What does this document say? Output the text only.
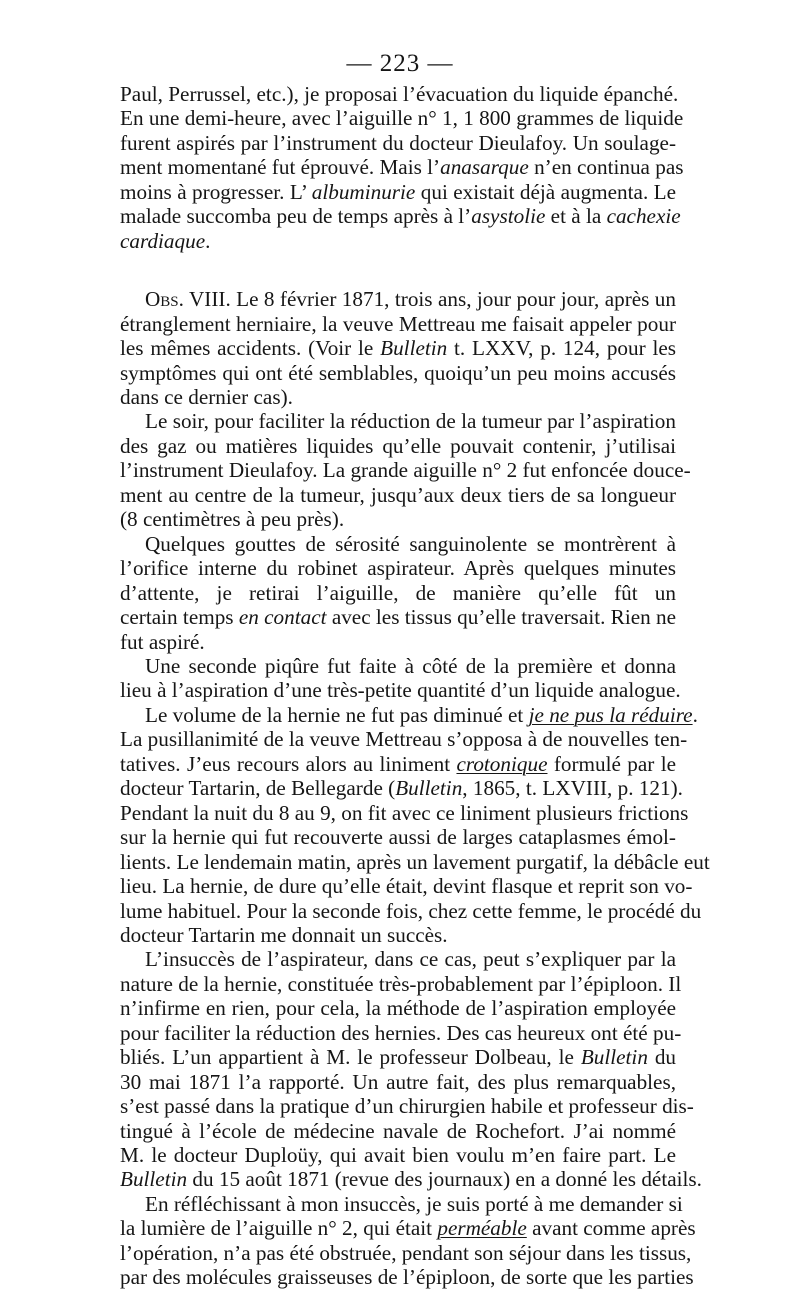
— 223 —
Paul, Perrussel, etc.), je proposai l’évacuation du liquide épanché.
En une demi-heure, avec l’aiguille n° 1, 1 800 grammes de liquide
furent aspirés par l’instrument du docteur Dieulafoy. Un soulage-
ment momentané fut éprouvé. Mais l’anasarque n’en continua pas
moins à progresser. L’ albuminurie qui existait déjà augmenta. Le
malade succomba peu de temps après à l’asystolie et à la cachexie
cardiaque.
Obs. VIII. Le 8 février 1871, trois ans, jour pour jour, après un
étranglement herniaire, la veuve Mettreau me faisait appeler pour
les mêmes accidents. (Voir le Bulletin t. LXXV, p. 124, pour les
symptômes qui ont été semblables, quoiqu’un peu moins accusés
dans ce dernier cas).
Le soir, pour faciliter la réduction de la tumeur par l’aspiration
des gaz ou matières liquides qu’elle pouvait contenir, j’utilisai
l’instrument Dieulafoy. La grande aiguille n° 2 fut enfoncée douce-
ment au centre de la tumeur, jusqu’aux deux tiers de sa longueur
(8 centimètres à peu près).
Quelques gouttes de sérosité sanguinolente se montrèrent à
l’orifice interne du robinet aspirateur. Après quelques minutes
d’attente, je retirai l’aiguille, de manière qu’elle fût un
certain temps en contact avec les tissus qu’elle traversait. Rien ne
fut aspiré.
Une seconde piqûre fut faite à côté de la première et donna
lieu à l’aspiration d’une très-petite quantité d’un liquide analogue.
Le volume de la hernie ne fut pas diminué et je ne pus la réduire.
La pusillanimité de la veuve Mettreau s’opposa à de nouvelles ten-
tatives. J’eus recours alors au liniment crotonique formulé par le
docteur Tartarin, de Bellegarde (Bulletin, 1865, t. LXVIII, p. 121).
Pendant la nuit du 8 au 9, on fit avec ce liniment plusieurs frictions
sur la hernie qui fut recouverte aussi de larges cataplasmes émol-
lients. Le lendemain matin, après un lavement purgatif, la débâcle eut
lieu. La hernie, de dure qu’elle était, devint flasque et reprit son vo-
lume habituel. Pour la seconde fois, chez cette femme, le procédé du
docteur Tartarin me donnait un succès.
L’insuccès de l’aspirateur, dans ce cas, peut s’expliquer par la
nature de la hernie, constituée très-probablement par l’épiploon. Il
n’infirme en rien, pour cela, la méthode de l’aspiration employée
pour faciliter la réduction des hernies. Des cas heureux ont été pu-
bliés. L’un appartient à M. le professeur Dolbeau, le Bulletin du
30 mai 1871 l’a rapporté. Un autre fait, des plus remarquables,
s’est passé dans la pratique d’un chirurgien habile et professeur dis-
tingué à l’école de médecine navale de Rochefort. J’ai nommé
M. le docteur Duploüy, qui avait bien voulu m’en faire part. Le
Bulletin du 15 août 1871 (revue des journaux) en a donné les détails.
En réfléchissant à mon insuccès, je suis porté à me demander si
la lumière de l’aiguille n° 2, qui était perméable avant comme après
l’opération, n’a pas été obstruée, pendant son séjour dans les tissus,
par des molécules graisseuses de l’épiploon, de sorte que les parties
